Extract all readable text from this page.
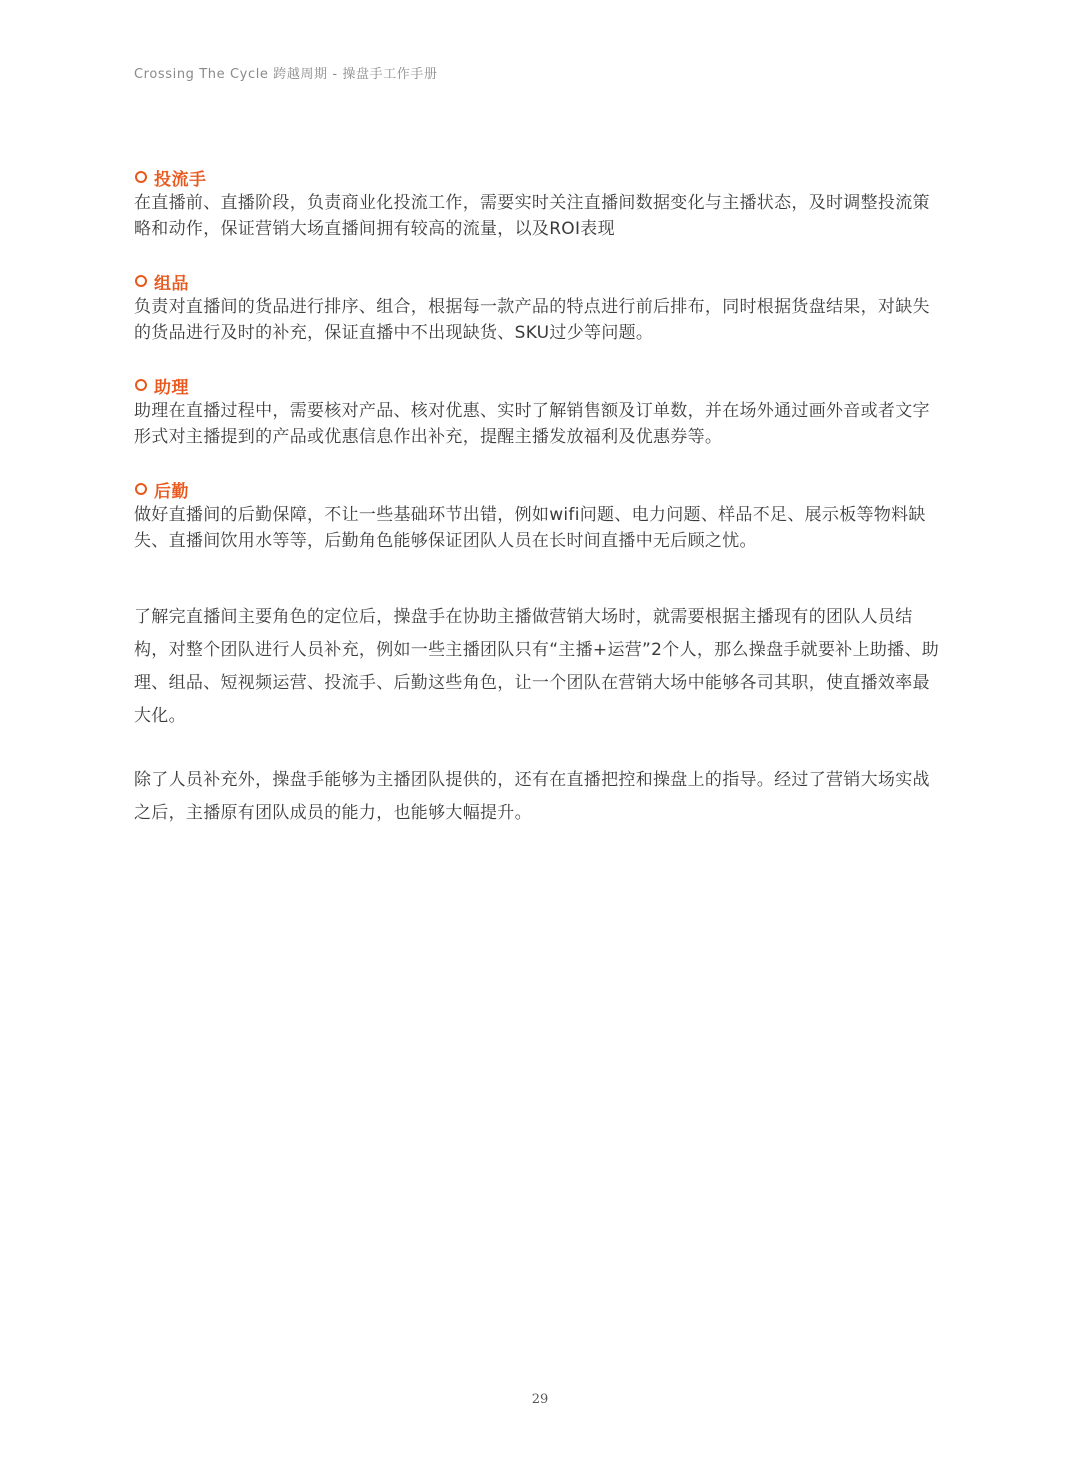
Crossing The Cycle 跨越周期 - 操盘手工作手册
投流手

在直播前、直播阶段，负责商业化投流工作，需要实时关注直播间数据变化与主播状态，及时调整投流策略和动作，保证营销大场直播间拥有较高的流量，以及ROI表现

组品

负责对直播间的货品进行排序、组合，根据每一款产品的特点进行前后排布，同时根据货盘结果，对缺失的货品进行及时的补充，保证直播中不出现缺货、SKU过少等问题。

助理

助理在直播过程中，需要核对产品、核对优惠、实时了解销售额及订单数，并在场外通过画外音或者文字形式对主播提到的产品或优惠信息作出补充，提醒主播发放福利及优惠券等。

后勤

做好直播间的后勤保障，不让一些基础环节出错，例如wifi问题、电力问题、样品不足、展示板等物料缺失、直播间饮用水等等，后勤角色能够保证团队人员在长时间直播中无后顾之忧。

了解完直播间主要角色的定位后，操盘手在协助主播做营销大场时，就需要根据主播现有的团队人员结构，对整个团队进行人员补充，例如一些主播团队只有“主播+运营”2个人，那么操盘手就要补上助播、助理、组品、短视频运营、投流手、后勤这些角色，让一个团队在营销大场中能够各司其职，使直播效率最大化。

除了人员补充外，操盘手能够为主播团队提供的，还有在直播把控和操盘上的指导。经过了营销大场实战之后，主播原有团队成员的能力，也能够大幅提升。

29
